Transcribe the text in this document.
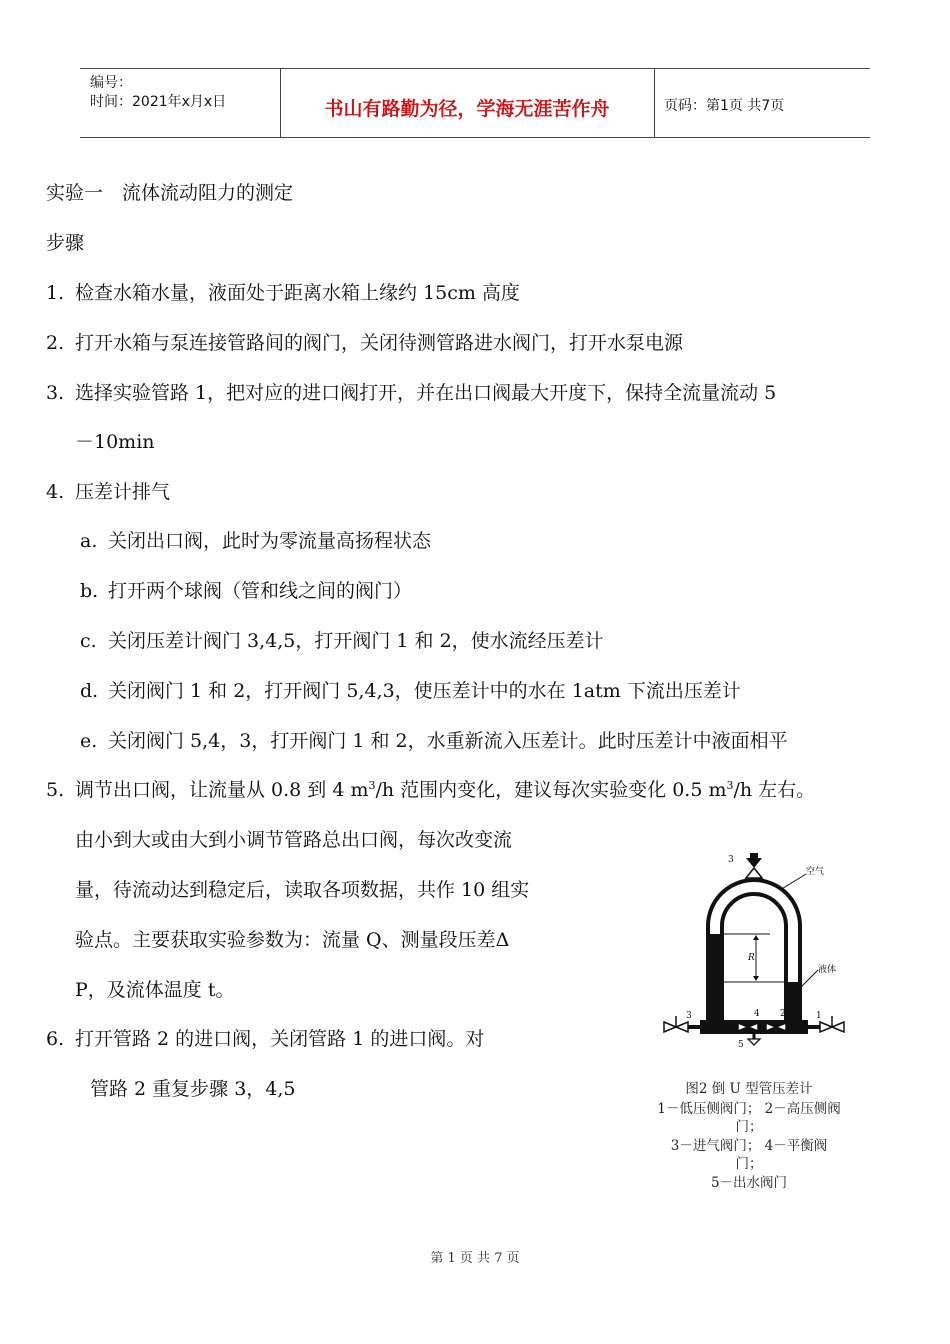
编号：
时间：2021年x月x日	书山有路勤为径，学海无涯苦作舟	页码：第1页 共7页
实验一　流体流动阻力的测定
步骤
1. 检查水箱水量，液面处于距离水箱上缘约 15cm 高度
2. 打开水箱与泵连接管路间的阀门，关闭待测管路进水阀门，打开水泵电源
3. 选择实验管路 1，把对应的进口阀打开，并在出口阀最大开度下，保持全流量流动 5
－10min
4. 压差计排气
a. 关闭出口阀，此时为零流量高扬程状态
b. 打开两个球阀（管和线之间的阀门）
c. 关闭压差计阀门 3,4,5，打开阀门 1 和 2，使水流经压差计
d. 关闭阀门 1 和 2，打开阀门 5,4,3，使压差计中的水在 1atm 下流出压差计
e. 关闭阀门 5,4，3，打开阀门 1 和 2，水重新流入压差计。此时压差计中液面相平
5. 调节出口阀，让流量从 0.8 到 4 $m^3/h$ 范围内变化，建议每次实验变化 0.5 $m^3/h$ 左右。
由小到大或由大到小调节管路总出口阀，每次改变流
量，待流动达到稳定后，读取各项数据，共作 10 组实
验点。主要获取实验参数为：流量 Q、测量段压差Δ
P，及流体温度 t。
6. 打开管路 2 的进口阀，关闭管路 1 的进口阀。对
管路 2 重复步骤 3，4,5
3
R
空气
液体
3	1
4 2
5
图2 倒 U 型管压差计
1－低压侧阀门； 2－高压侧阀
门；
3－进气阀门； 4－平衡阀
门；
5－出水阀门
第 1 页 共 7 页
